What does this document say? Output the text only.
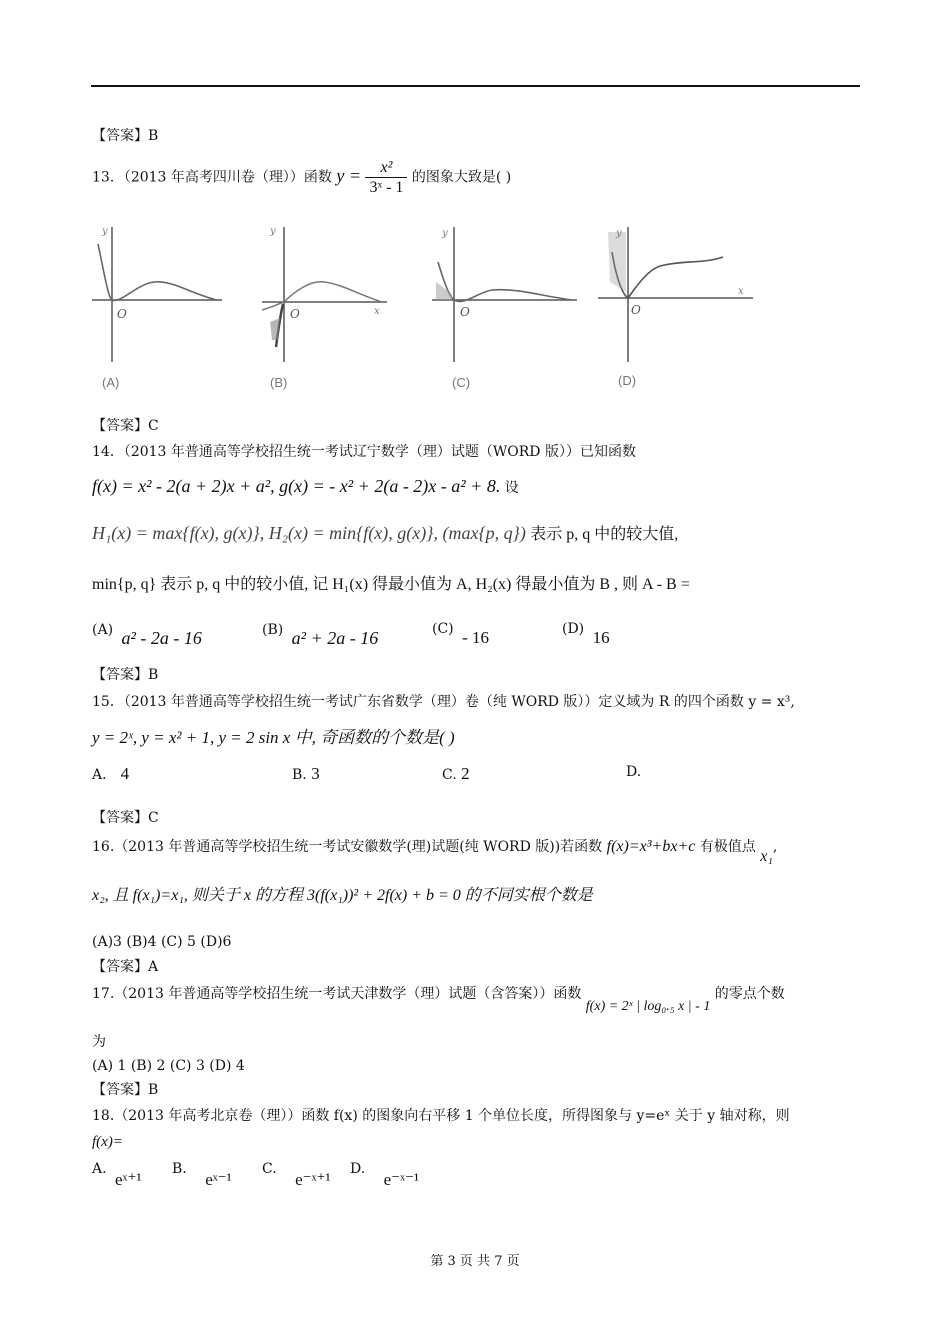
【答案】B
13．（2013 年高考四川卷（理））函数 $y = \frac{\text{x²}}{\text{3ˣ - 1}}$ 的图象大致是( )
y
O
(A)
y
O	x
(B)
y
O
(C)
y
O
x
(D)
【答案】C
14．（2013 年普通高等学校招生统一考试辽宁数学（理）试题（WORD 版））已知函数
f(x) = x² - 2(a + 2)x + a², g(x) = - x² + 2(a - 2)x - a² + 8. 设
H₁(x) = max{f(x), g(x)}, H₂(x) = min{f(x), g(x)}, (max{p, q}) 表示 p, q 中的较大值,
min{p, q} 表示 p, q 中的较小值, 记 H₁(x) 得最小值为 A, H₂(x) 得最小值为 B , 则 A - B =
(A) a² - 2a - 16	(B) a² + 2a - 16	(C) - 16	(D) 16
【答案】B
15．（2013 年普通高等学校招生统一考试广东省数学（理）卷（纯 WORD 版））定义域为 R 的四个函数 y = x³,
y = 2ˣ, y = x² + 1, y = 2 sin x 中, 奇函数的个数是( )
A． 4	B. 3	C. 2	D.
【答案】C
16.（2013 年普通高等学校招生统一考试安徽数学(理)试题(纯 WORD 版))若函数 f(x)=x³+bx+c 有极值点 x₁,
x₂, 且 f(x₁)=x₁, 则关于 x 的方程 3(f(x₁))² + 2f(x) + b = 0 的不同实根个数是
(A)3 (B)4 (C) 5 (D)6
【答案】A
17.（2013 年普通高等学校招生统一考试天津数学（理）试题（含答案））函数 f(x) = 2ˣ | log₀.₅ x | - 1 的零点个数
为
(A) 1 (B) 2 (C) 3 (D) 4
【答案】B
18.（2013 年高考北京卷（理））函数 f(x) 的图象向右平移 1 个单位长度，所得图象与 y=eˣ 关于 y 轴对称，则
f(x)=
A. eˣ⁺¹
B. eˣ⁻¹
C. e⁻ˣ⁺¹
D. e⁻ˣ⁻¹
第 3 页 共 7 页
